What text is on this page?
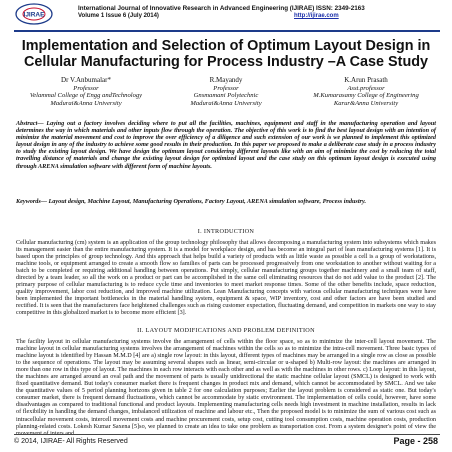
IJIRAE
International Journal of Innovative Research in Advanced Engineering (IJIRAE) ISSN: 2349-2163
Volume 1 Issue 6 (July 2014)	http://ijirae.com
Implementation and Selection of Optimum Layout Design in Cellular Manufacturing for Process Industry –A Case Study
Dr V.Anbumalar*
Professor
Velammal College of Engg andTechnology
Madurai&Anna University
R.Mayandy
Professor
Gnsmamani Polytechnic
Madurai&Anna University
K.Arun Prasath
Asst.professor
M.Kumarasamy College of Engineering
Karur&Anna University
Abstract— Laying out a factory involves deciding where to put all the facilities, machines, equipment and staff in the manufacturing operation and layout determines the way in which materials and other inputs flow through the operation. The objective of this work is to find the best layout design with an intention of minimize the material movement and cost to improve the over efficiency of a diligence and such extension of our work is we planned to implement this optimized layout design in any of the industry to achieve some good results in their production. In this paper we proposed to make a deliberate case study in a process industry to study the existing layout design. We have design the optimum layout considering different layouts like with an aim of minimize the cost by reducing the total travelling distance of materials and change the existing layout design for optimized layout and the case study on this optimum layout design is executed using through ARENA simulation software with different form of machine layouts.
Keywords— Layout design, Machine Layout, Manufacturing Operations, Factory Layout, ARENA simulation software, Process industry.
I. INTRODUCTION
Cellular manufacturing (cm) system is an application of the group technology philosophy that allows decomposing a manufacturing system into subsystems which makes its management easier than the entire manufacturing system. It is a model for workplace design, and has become an integral part of lean manufacturing systems [1]. It is based upon the principles of group technology. And this approach that helps build a variety of products with as little waste as possible a cell is a group of workstations, machine tools, or equipment arranged to create a smooth flow so families of parts can be processed progressively from one workstation to another without waiting for a batch to be completed or requiring additional handling between operations. Put simply, cellular manufacturing groups together machinery and a small team of staff, directed by a team leader, so all the work on a product or part can be accomplished in the same cell eliminating resources that do not add value to the product [2]. The primary purpose of cellular manufacturing is to reduce cycle time and inventories to meet market response times. Some of the other benefits include, space reduction, quality improvement, labor cost reduction, and improved machine utilization. Lean Manufacturing concepts with various cellular manufacturing techniques were have been implemented the important bottlenecks in the material handling system, equipment & space, WIP inventory, cost and other factors are have been studied and rectified. It is seen that the manufacturers face heightened challenges such as rising customer expectation, fluctuating demand, and competition in markets one way to stay competitive in this globalized market is to become more efficient [3].
II. LAYOUT MODIFICATIONS AND PROBLEM DEFINITION
The facility layout in cellular manufacturing systems involve the arrangement of cells within the floor space, so as to minimize the inter-cell layout movement. The machine layout in cellular manufacturing systems involves the arrangement of machines within the cells so as to minimize the intra-cell movement. Three basic types of machine layout is identified by Hassan M.M.D [4] are a) single row layout: in this layout, different types of machines may be arranged in a single row as close as possible to the sequence of operations. The layout may be assuming several shapes such as linear, semi-circular or u-shaped b) Multi-row layout: the machines are arranged in more than one row in this type of layout. The machines in each row interacts with each other and as well as with the machines in other rows. c) Loop layout: in this layout, the machines are arranged around an oval path and the movement of parts is usually unidirectional the static machine cellular layout (SMCL) is designed to work with fixed quantitative demand. But today's consumer market there is frequent changes in product mix and demand, which cannot be accommodated by SMCL. And we take the quantitative values of 5 period planning horizons given in table 2 for one calculation purposes; Earlier the layout problem is considered as static one. But today's consumer market, there is frequent demand fluctuations, which cannot be accommodate by static environment. The implementation of cells could, however, have some disadvantages as compared to traditional functional and product layouts. Implementing manufacturing cells needs high investment in machine installation, results in lack of flexibility in handling the demand changes, imbalanced utilization of machine and labour etc., Then the proposed model is to minimize the sum of various cost such as intracellular movement costs, intercell movement costs and machine procurement costs, setup cost, cutting tool consumption costs, machine operation costs, production planning-related costs. Lokesh Kumar Saxena [5]so, we planned to create an idea to take one problem as transportation cost. From a system designer's point of view the
© 2014, IJIRAE- All Rights Reserved	Page - 258
